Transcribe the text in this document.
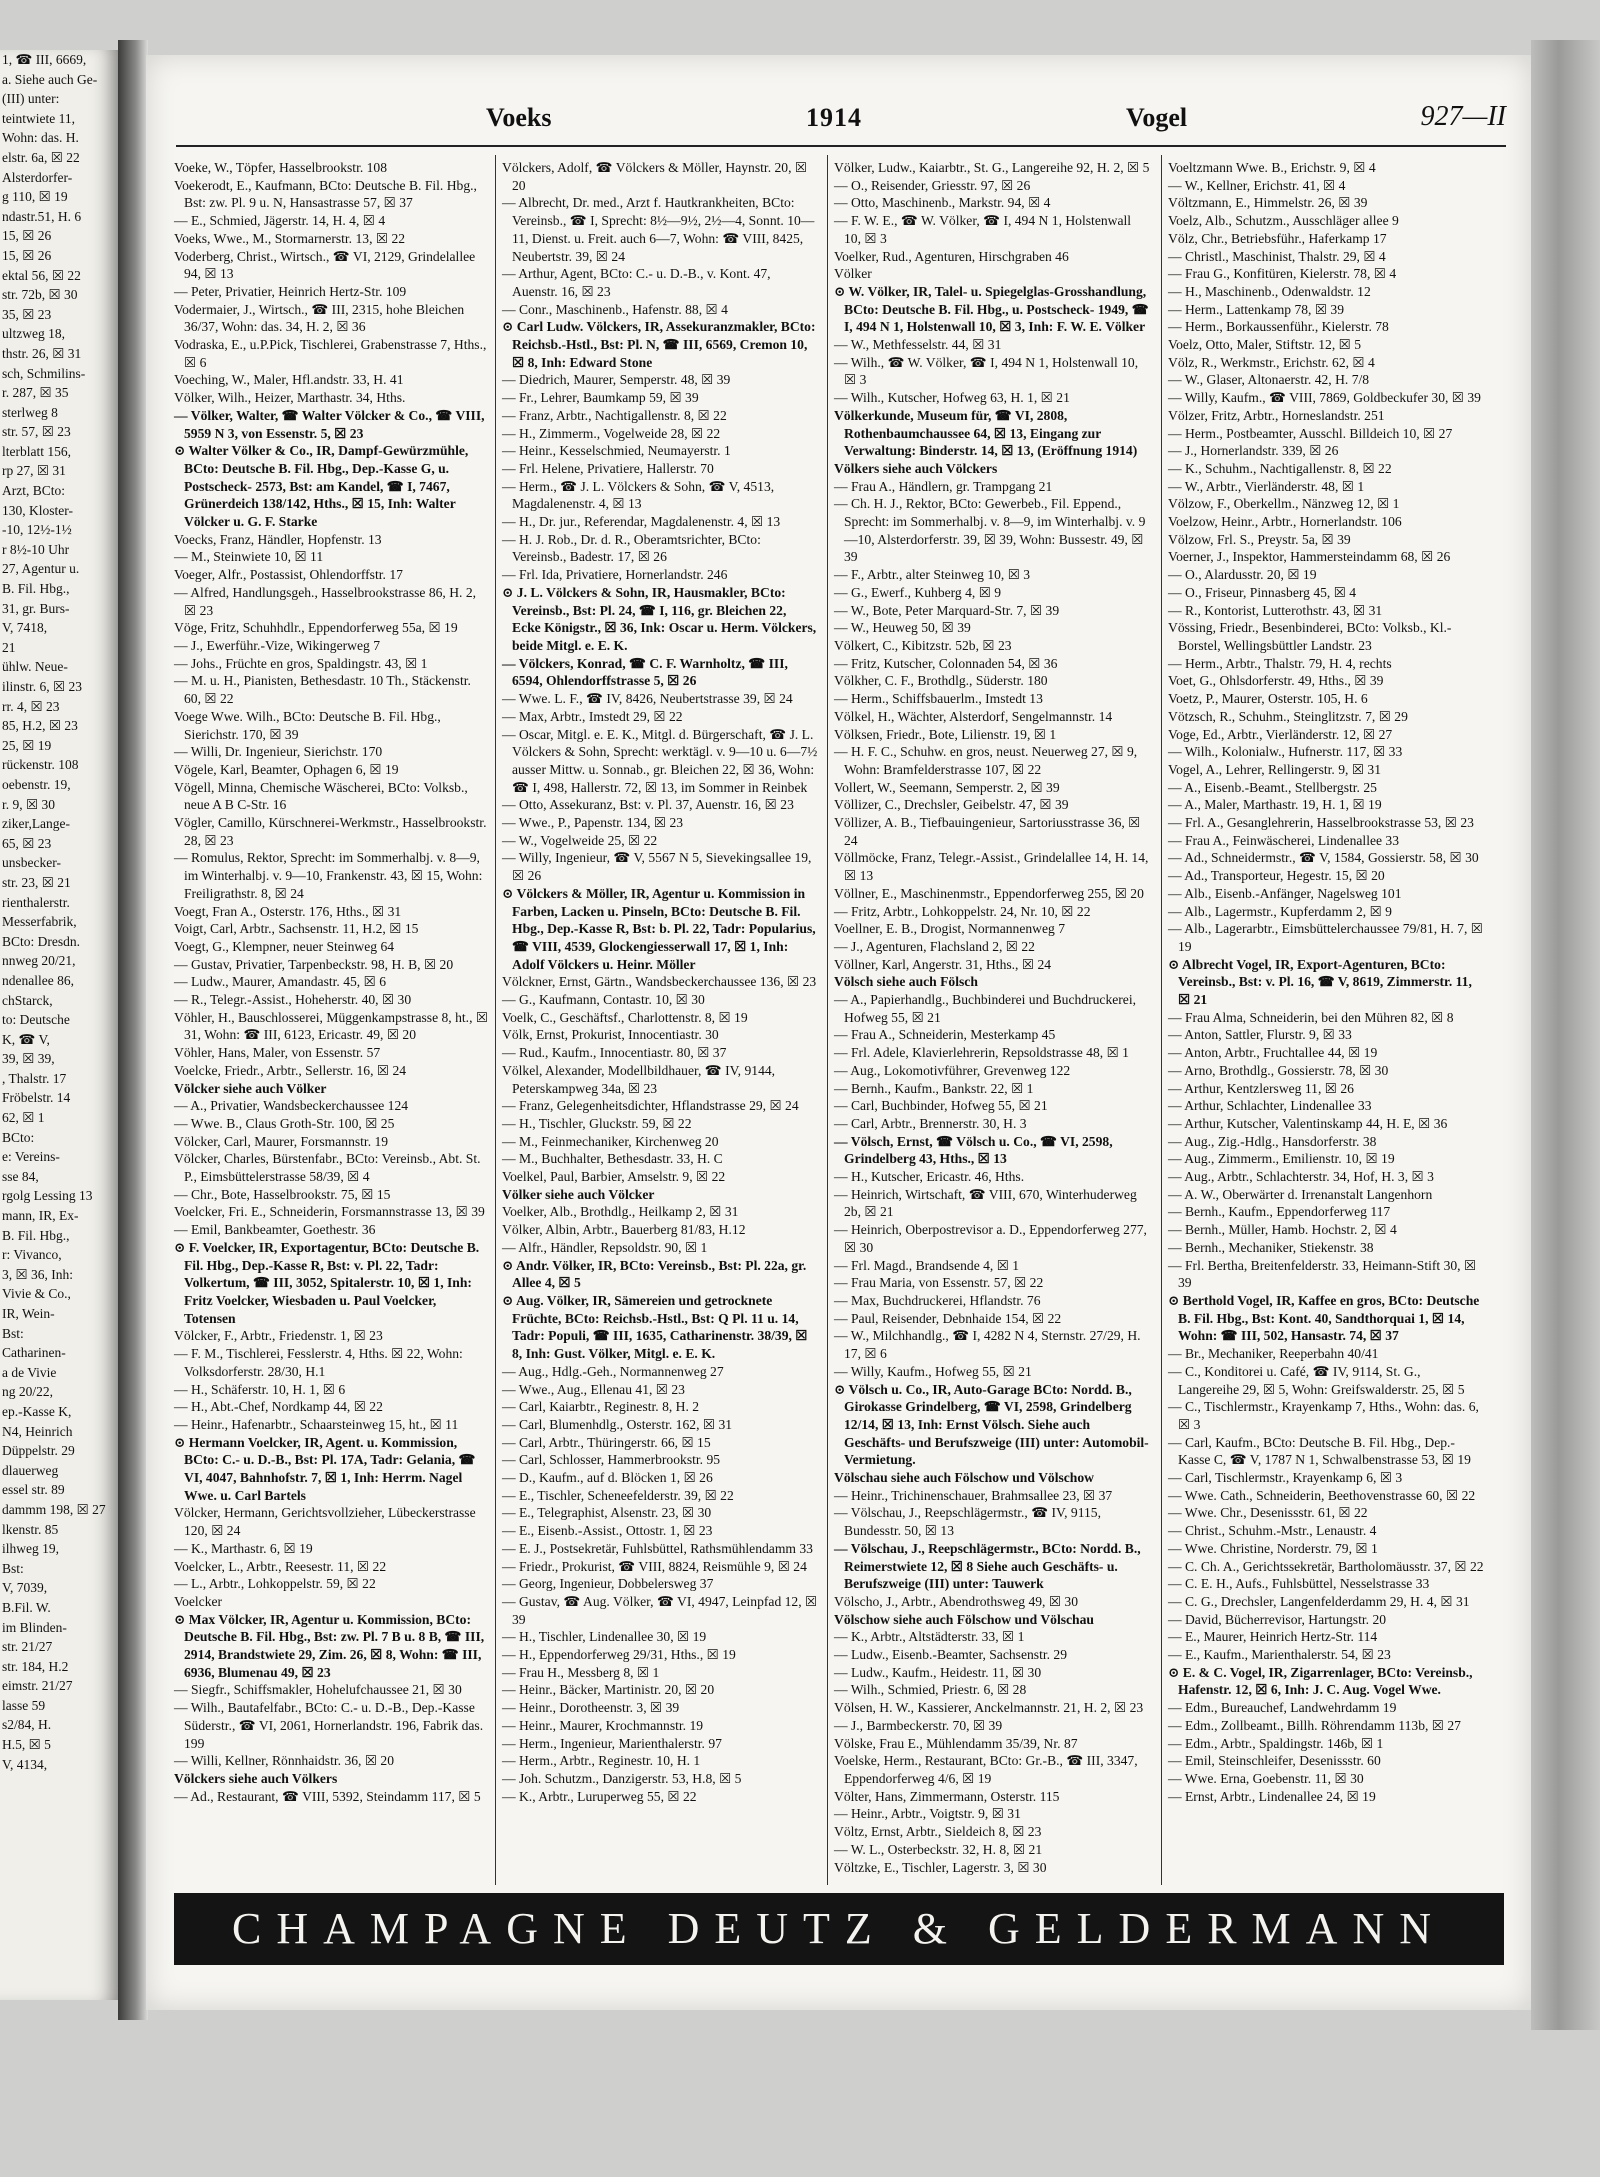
1, ☎ III, 6669,
a. Siehe auch Ge-
(III) unter:
teintwiete 11,
Wohn: das. H.
elstr. 6a, ☒ 22
Alsterdorfer-
g 110, ☒ 19
ndastr.51, H. 6
15, ☒ 26
15, ☒ 26
ektal 56, ☒ 22
str. 72b, ☒ 30
35, ☒ 23
ultzweg 18,
thstr. 26, ☒ 31
sch, Schmilins-
r. 287, ☒ 35
sterlweg 8
str. 57, ☒ 23
lterblatt 156,
rp 27, ☒ 31
Arzt, BCto:
130, Kloster-
-10, 12½-1½
r 8½-10 Uhr
27, Agentur u.
B. Fil. Hbg.,
31, gr. Burs-
V, 7418,
21
ühlw. Neue-
ilinstr. 6, ☒ 23
rr. 4, ☒ 23
85, H.2, ☒ 23
25, ☒ 19
rückenstr. 108
oebenstr. 19,
r. 9, ☒ 30
ziker,Lange-
65, ☒ 23
unsbecker-
str. 23, ☒ 21
rienthalerstr.
Messerfabrik,
BCto: Dresdn.
nnweg 20/21,
ndenallee 86,
chStarck,
to: Deutsche
K, ☎ V,
39, ☒ 39,
, Thalstr. 17
Fröbelstr. 14
62, ☒ 1
BCto:
e: Vereins-
sse 84,
rgolg Lessing 13
mann, IR, Ex-
B. Fil. Hbg.,
r: Vivanco,
3, ☒ 36, Inh:
Vivie & Co.,
IR, Wein-
Bst:
Catharinen-
a de Vivie
ng 20/22,
ep.-Kasse K,
N4, Heinrich
Düppelstr. 29
dlauerweg
essel str. 89
dammm 198, ☒ 27
lkenstr. 85
ilhweg 19,
Bst:
V, 7039,
B.Fil. W.
im Blinden-
str. 21/27
str. 184, H.2
eimstr. 21/27
lasse 59
s2/84, H.
H.5, ☒ 5
V, 4134,
Voeks	1914	Vogel	927—II

Voeke, W., Töpfer, Hasselbrookstr. 108

Voekerodt, E., Kaufmann, BCto: Deutsche B. Fil. Hbg., Bst: zw. Pl. 9 u. N, Hansastrasse 57, ☒ 37

— E., Schmied, Jägerstr. 14, H. 4, ☒ 4

Voeks, Wwe., M., Stormarnerstr. 13, ☒ 22

Voderberg, Christ., Wirtsch., ☎ VI, 2129, Grindelallee 94, ☒ 13

— Peter, Privatier, Heinrich Hertz-Str. 109

Vodermaier, J., Wirtsch., ☎ III, 2315, hohe Bleichen 36/37, Wohn: das. 34, H. 2, ☒ 36

Vodraska, E., u.P.Pick, Tischlerei, Grabenstrasse 7, Hths., ☒ 6

Voeching, W., Maler, Hfl.andstr. 33, H. 41

Völker, Wilh., Heizer, Marthastr. 34, Hths.

— Völker, Walter, ☎ Walter Völcker & Co., ☎ VIII, 5959 N 3, von Essenstr. 5, ☒ 23

⊙ Walter Völker & Co., IR, Dampf-Gewürzmühle, BCto: Deutsche B. Fil. Hbg., Dep.-Kasse G, u. Postscheck- 2573, Bst: am Kandel, ☎ I, 7467, Grünerdeich 138/142, Hths., ☒ 15, Inh: Walter Völcker u. G. F. Starke

Voecks, Franz, Händler, Hopfenstr. 13

— M., Steinwiete 10, ☒ 11

Voeger, Alfr., Postassist, Ohlendorffstr. 17

— Alfred, Handlungsgeh., Hasselbrookstrasse 86, H. 2, ☒ 23

Vöge, Fritz, Schuhhdlr., Eppendorferweg 55a, ☒ 19

— J., Ewerführ.-Vize, Wikingerweg 7

— Johs., Früchte en gros, Spaldingstr. 43, ☒ 1

— M. u. H., Pianisten, Bethesdastr. 10 Th., Stäckenstr. 60, ☒ 22

Voege Wwe. Wilh., BCto: Deutsche B. Fil. Hbg., Sierichstr. 170, ☒ 39

— Willi, Dr. Ingenieur, Sierichstr. 170

Vögele, Karl, Beamter, Ophagen 6, ☒ 19

Vögell, Minna, Chemische Wäscherei, BCto: Volksb., neue A B C-Str. 16

Vögler, Camillo, Kürschnerei-Werkmstr., Hasselbrookstr. 28, ☒ 23

— Romulus, Rektor, Sprecht: im Sommerhalbj. v. 8—9, im Winterhalbj. v. 9—10, Frankenstr. 43, ☒ 15, Wohn: Freiligrathstr. 8, ☒ 24

Voegt, Fran A., Osterstr. 176, Hths., ☒ 31

Voigt, Carl, Arbtr., Sachsenstr. 11, H.2, ☒ 15

Voegt, G., Klempner, neuer Steinweg 64

— Gustav, Privatier, Tarpenbeckstr. 98, H. B, ☒ 20

— Ludw., Maurer, Amandastr. 45, ☒ 6

— R., Telegr.-Assist., Hoheherstr. 40, ☒ 30

Vöhler, H., Bauschlosserei, Müggenkampstrasse 8, ht., ☒ 31, Wohn: ☎ III, 6123, Ericastr. 49, ☒ 20

Vöhler, Hans, Maler, von Essenstr. 57

Voelcke, Friedr., Arbtr., Sellerstr. 16, ☒ 24

Völcker siehe auch Völker

— A., Privatier, Wandsbeckerchaussee 124

— Wwe. B., Claus Groth-Str. 100, ☒ 25

Völcker, Carl, Maurer, Forsmannstr. 19

Völcker, Charles, Bürstenfabr., BCto: Vereinsb., Abt. St. P., Eimsbüttelerstrasse 58/39, ☒ 4

— Chr., Bote, Hasselbrookstr. 75, ☒ 15

Voelcker, Fri. E., Schneiderin, Forsmannstrasse 13, ☒ 39

— Emil, Bankbeamter, Goethestr. 36

⊙ F. Voelcker, IR, Exportagentur, BCto: Deutsche B. Fil. Hbg., Dep.-Kasse R, Bst: v. Pl. 22, Tadr: Volkertum, ☎ III, 3052, Spitalerstr. 10, ☒ 1, Inh: Fritz Voelcker, Wiesbaden u. Paul Voelcker, Totensen

Völcker, F., Arbtr., Friedenstr. 1, ☒ 23

— F. M., Tischlerei, Fesslerstr. 4, Hths. ☒ 22, Wohn: Volksdorferstr. 28/30, H.1

— H., Schäferstr. 10, H. 1, ☒ 6

— H., Abt.-Chef, Nordkamp 44, ☒ 22

— Heinr., Hafenarbtr., Schaarsteinweg 15, ht., ☒ 11

⊙ Hermann Voelcker, IR, Agent. u. Kommission, BCto: C.- u. D.-B., Bst: Pl. 17A, Tadr: Gelania, ☎ VI, 4047, Bahnhofstr. 7, ☒ 1, Inh: Herrm. Nagel Wwe. u. Carl Bartels

Völcker, Hermann, Gerichtsvollzieher, Lübeckerstrasse 120, ☒ 24

— K., Marthastr. 6, ☒ 19

Voelcker, L., Arbtr., Reesestr. 11, ☒ 22

— L., Arbtr., Lohkoppelstr. 59, ☒ 22

Voelcker

⊙ Max Völcker, IR, Agentur u. Kommission, BCto: Deutsche B. Fil. Hbg., Bst: zw. Pl. 7 B u. 8 B, ☎ III, 2914, Brandstwiete 29, Zim. 26, ☒ 8, Wohn: ☎ III, 6936, Blumenau 49, ☒ 23

— Siegfr., Schiffsmakler, Hohelufchaussee 21, ☒ 30

— Wilh., Bautafelfabr., BCto: C.- u. D.-B., Dep.-Kasse Süderstr., ☎ VI, 2061, Hornerlandstr. 196, Fabrik das. 199

— Willi, Kellner, Rönnhaidstr. 36, ☒ 20

Völckers siehe auch Völkers

— Ad., Restaurant, ☎ VIII, 5392, Steindamm 117, ☒ 5

Völckers, Adolf, ☎ Völckers & Möller, Haynstr. 20, ☒ 20

— Albrecht, Dr. med., Arzt f. Hautkrankheiten, BCto: Vereinsb., ☎ I, Sprecht: 8½—9½, 2½—4, Sonnt. 10—11, Dienst. u. Freit. auch 6—7, Wohn: ☎ VIII, 8425, Neubertstr. 39, ☒ 24

— Arthur, Agent, BCto: C.- u. D.-B., v. Kont. 47, Auenstr. 16, ☒ 23

— Conr., Maschinenb., Hafenstr. 88, ☒ 4

⊙ Carl Ludw. Völckers, IR, Assekuranzmakler, BCto: Reichsb.-Hstl., Bst: Pl. N, ☎ III, 6569, Cremon 10, ☒ 8, Inh: Edward Stone

— Diedrich, Maurer, Semperstr. 48, ☒ 39

— Fr., Lehrer, Baumkamp 59, ☒ 39

— Franz, Arbtr., Nachtigallenstr. 8, ☒ 22

— H., Zimmerm., Vogelweide 28, ☒ 22

— Heinr., Kesselschmied, Neumayerstr. 1

— Frl. Helene, Privatiere, Hallerstr. 70

— Herm., ☎ J. L. Völckers & Sohn, ☎ V, 4513, Magdalenenstr. 4, ☒ 13

— H., Dr. jur., Referendar, Magdalenenstr. 4, ☒ 13

— H. J. Rob., Dr. d. R., Oberamtsrichter, BCto: Vereinsb., Badestr. 17, ☒ 26

— Frl. Ida, Privatiere, Hornerlandstr. 246

⊙ J. L. Völckers & Sohn, IR, Hausmakler, BCto: Vereinsb., Bst: Pl. 24, ☎ I, 116, gr. Bleichen 22, Ecke Königstr., ☒ 36, Ink: Oscar u. Herm. Völckers, beide Mitgl. e. E. K.

— Völckers, Konrad, ☎ C. F. Warnholtz, ☎ III, 6594, Ohlendorffstrasse 5, ☒ 26

— Wwe. L. F., ☎ IV, 8426, Neubertstrasse 39, ☒ 24

— Max, Arbtr., Imstedt 29, ☒ 22

— Oscar, Mitgl. e. E. K., Mitgl. d. Bürgerschaft, ☎ J. L. Völckers & Sohn, Sprecht: werktägl. v. 9—10 u. 6—7½ ausser Mittw. u. Sonnab., gr. Bleichen 22, ☒ 36, Wohn: ☎ I, 498, Hallerstr. 72, ☒ 13, im Sommer in Reinbek

— Otto, Assekuranz, Bst: v. Pl. 37, Auenstr. 16, ☒ 23

— Wwe., P., Papenstr. 134, ☒ 23

— W., Vogelweide 25, ☒ 22

— Willy, Ingenieur, ☎ V, 5567 N 5, Sievekingsallee 19, ☒ 26

⊙ Völckers & Möller, IR, Agentur u. Kommission in Farben, Lacken u. Pinseln, BCto: Deutsche B. Fil. Hbg., Dep.-Kasse R, Bst: b. Pl. 22, Tadr: Popularius, ☎ VIII, 4539, Glockengiesserwall 17, ☒ 1, Inh: Adolf Völckers u. Heinr. Möller

Völckner, Ernst, Gärtn., Wandsbeckerchaussee 136, ☒ 23

— G., Kaufmann, Contastr. 10, ☒ 30

Voelk, C., Geschäftsf., Charlottenstr. 8, ☒ 19

Völk, Ernst, Prokurist, Innocentiastr. 30

— Rud., Kaufm., Innocentiastr. 80, ☒ 37

Völkel, Alexander, Modellbildhauer, ☎ IV, 9144, Peterskampweg 34a, ☒ 23

— Franz, Gelegenheitsdichter, Hflandstrasse 29, ☒ 24

— H., Tischler, Gluckstr. 59, ☒ 22

— M., Feinmechaniker, Kirchenweg 20

— M., Buchhalter, Bethesdastr. 33, H. C

Voelkel, Paul, Barbier, Amselstr. 9, ☒ 22

Völker siehe auch Völcker

Voelker, Alb., Brothdlg., Heilkamp 2, ☒ 31

Völker, Albin, Arbtr., Bauerberg 81/83, H.12

— Alfr., Händler, Repsoldstr. 90, ☒ 1

⊙ Andr. Völker, IR, BCto: Vereinsb., Bst: Pl. 22a, gr. Allee 4, ☒ 5

⊙ Aug. Völker, IR, Sämereien und getrocknete Früchte, BCto: Reichsb.-Hstl., Bst: Q Pl. 11 u. 14, Tadr: Populi, ☎ III, 1635, Catharinenstr. 38/39, ☒ 8, Inh: Gust. Völker, Mitgl. e. E. K.

— Aug., Hdlg.-Geh., Normannenweg 27

— Wwe., Aug., Ellenau 41, ☒ 23

— Carl, Kaiarbtr., Reginestr. 8, H. 2

— Carl, Blumenhdlg., Osterstr. 162, ☒ 31

— Carl, Arbtr., Thüringerstr. 66, ☒ 15

— Carl, Schlosser, Hammerbrookstr. 95

— D., Kaufm., auf d. Blöcken 1, ☒ 26

— E., Tischler, Scheneefelderstr. 39, ☒ 22

— E., Telegraphist, Alsenstr. 23, ☒ 30

— E., Eisenb.-Assist., Ottostr. 1, ☒ 23

— E. J., Postsekretär, Fuhlsbüttel, Rathsmühlendamm 33

— Friedr., Prokurist, ☎ VIII, 8824, Reismühle 9, ☒ 24

— Georg, Ingenieur, Dobbelersweg 37

— Gustav, ☎ Aug. Völker, ☎ VI, 4947, Leinpfad 12, ☒ 39

— H., Tischler, Lindenallee 30, ☒ 19

— H., Eppendorferweg 29/31, Hths., ☒ 19

— Frau H., Messberg 8, ☒ 1

— Heinr., Bäcker, Martinistr. 20, ☒ 20

— Heinr., Dorotheenstr. 3, ☒ 39

— Heinr., Maurer, Krochmannstr. 19

— Herm., Ingenieur, Marienthalerstr. 97

— Herm., Arbtr., Reginestr. 10, H. 1

— Joh. Schutzm., Danzigerstr. 53, H.8, ☒ 5

— K., Arbtr., Luruperweg 55, ☒ 22

Völker, Ludw., Kaiarbtr., St. G., Langereihe 92, H. 2, ☒ 5

— O., Reisender, Griesstr. 97, ☒ 26

— Otto, Maschinenb., Markstr. 94, ☒ 4

— F. W. E., ☎ W. Völker, ☎ I, 494 N 1, Holstenwall 10, ☒ 3

Voelker, Rud., Agenturen, Hirschgraben 46

Völker

⊙ W. Völker, IR, Talel- u. Spiegelglas-Grosshandlung, BCto: Deutsche B. Fil. Hbg., u. Postscheck- 1949, ☎ I, 494 N 1, Holstenwall 10, ☒ 3, Inh: F. W. E. Völker

— W., Methfesselstr. 44, ☒ 31

— Wilh., ☎ W. Völker, ☎ I, 494 N 1, Holstenwall 10, ☒ 3

— Wilh., Kutscher, Hofweg 63, H. 1, ☒ 21

Völkerkunde, Museum für, ☎ VI, 2808, Rothenbaumchaussee 64, ☒ 13, Eingang zur Verwaltung: Binderstr. 14, ☒ 13, (Eröffnung 1914)

Völkers siehe auch Völckers

— Frau A., Händlern, gr. Trampgang 21

— Ch. H. J., Rektor, BCto: Gewerbeb., Fil. Eppend., Sprecht: im Sommerhalbj. v. 8—9, im Winterhalbj. v. 9—10, Alsterdorferstr. 39, ☒ 39, Wohn: Bussestr. 49, ☒ 39

— F., Arbtr., alter Steinweg 10, ☒ 3

— G., Ewerf., Kuhberg 4, ☒ 9

— W., Bote, Peter Marquard-Str. 7, ☒ 39

— W., Heuweg 50, ☒ 39

Völkert, C., Kibitzstr. 52b, ☒ 23

— Fritz, Kutscher, Colonnaden 54, ☒ 36

Völkher, C. F., Brothdlg., Süderstr. 180

— Herm., Schiffsbauerlm., Imstedt 13

Völkel, H., Wächter, Alsterdorf, Sengelmannstr. 14

Völksen, Friedr., Bote, Lilienstr. 19, ☒ 1

— H. F. C., Schuhw. en gros, neust. Neuerweg 27, ☒ 9, Wohn: Bramfelderstrasse 107, ☒ 22

Vollert, W., Seemann, Semperstr. 2, ☒ 39

Völlizer, C., Drechsler, Geibelstr. 47, ☒ 39

Völlizer, A. B., Tiefbauingenieur, Sartoriusstrasse 36, ☒ 24

Völlmöcke, Franz, Telegr.-Assist., Grindelallee 14, H. 14, ☒ 13

Völlner, E., Maschinenmstr., Eppendorferweg 255, ☒ 20

— Fritz, Arbtr., Lohkoppelstr. 24, Nr. 10, ☒ 22

Voellner, E. B., Drogist, Normannenweg 7

— J., Agenturen, Flachsland 2, ☒ 22

Völlner, Karl, Angerstr. 31, Hths., ☒ 24

Völsch siehe auch Fölsch

— A., Papierhandlg., Buchbinderei und Buchdruckerei, Hofweg 55, ☒ 21

— Frau A., Schneiderin, Mesterkamp 45

— Frl. Adele, Klavierlehrerin, Repsoldstrasse 48, ☒ 1

— Aug., Lokomotivführer, Grevenweg 122

— Bernh., Kaufm., Bankstr. 22, ☒ 1

— Carl, Buchbinder, Hofweg 55, ☒ 21

— Carl, Arbtr., Brennerstr. 30, H. 3

— Völsch, Ernst, ☎ Völsch u. Co., ☎ VI, 2598, Grindelberg 43, Hths., ☒ 13

— H., Kutscher, Ericastr. 46, Hths.

— Heinrich, Wirtschaft, ☎ VIII, 670, Winterhuderweg 2b, ☒ 21

— Heinrich, Oberpostrevisor a. D., Eppendorferweg 277, ☒ 30

— Frl. Magd., Brandsende 4, ☒ 1

— Frau Maria, von Essenstr. 57, ☒ 22

— Max, Buchdruckerei, Hflandstr. 76

— Paul, Reisender, Debnhaide 154, ☒ 22

— W., Milchhandlg., ☎ I, 4282 N 4, Sternstr. 27/29, H. 17, ☒ 6

— Willy, Kaufm., Hofweg 55, ☒ 21

⊙ Völsch u. Co., IR, Auto-Garage BCto: Nordd. B., Girokasse Grindelberg, ☎ VI, 2598, Grindelberg 12/14, ☒ 13, Inh: Ernst Völsch. Siehe auch Geschäfts- und Berufszweige (III) unter: Automobil-Vermietung.

Völschau siehe auch Fölschow und Völschow

— Heinr., Trichinenschauer, Brahmsallee 23, ☒ 37

— Völschau, J., Reepschlägermstr., ☎ IV, 9115, Bundesstr. 50, ☒ 13

— Völschau, J., Reepschlägermstr., BCto: Nordd. B., Reimerstwiete 12, ☒ 8 Siehe auch Geschäfts- u. Berufszweige (III) unter: Tauwerk

Völscho, J., Arbtr., Abendrothsweg 49, ☒ 30

Völschow siehe auch Fölschow und Völschau

— K., Arbtr., Altstädterstr. 33, ☒ 1

— Ludw., Eisenb.-Beamter, Sachsenstr. 29

— Ludw., Kaufm., Heidestr. 11, ☒ 30

— Wilh., Schmied, Priestr. 6, ☒ 28

Völsen, H. W., Kassierer, Anckelmannstr. 21, H. 2, ☒ 23

— J., Barmbeckerstr. 70, ☒ 39

Völske, Frau E., Mühlendamm 35/39, Nr. 87

Voelske, Herm., Restaurant, BCto: Gr.-B., ☎ III, 3347, Eppendorferweg 4/6, ☒ 19

Völter, Hans, Zimmermann, Osterstr. 115

— Heinr., Arbtr., Voigtstr. 9, ☒ 31

Völtz, Ernst, Arbtr., Sieldeich 8, ☒ 23

— W. L., Osterbeckstr. 32, H. 8, ☒ 21

Völtzke, E., Tischler, Lagerstr. 3, ☒ 30

Voeltzmann Wwe. B., Erichstr. 9, ☒ 4

— W., Kellner, Erichstr. 41, ☒ 4

Völtzmann, E., Himmelstr. 26, ☒ 39

Voelz, Alb., Schutzm., Ausschläger allee 9

Völz, Chr., Betriebsführ., Haferkamp 17

— Christl., Maschinist, Thalstr. 29, ☒ 4

— Frau G., Konfitüren, Kielerstr. 78, ☒ 4

— H., Maschinenb., Odenwaldstr. 12

— Herm., Lattenkamp 78, ☒ 39

— Herm., Borkaussenführ., Kielerstr. 78

Voelz, Otto, Maler, Stiftstr. 12, ☒ 5

Völz, R., Werkmstr., Erichstr. 62, ☒ 4

— W., Glaser, Altonaerstr. 42, H. 7/8

— Willy, Kaufm., ☎ VIII, 7869, Goldbeckufer 30, ☒ 39

Völzer, Fritz, Arbtr., Horneslandstr. 251

— Herm., Postbeamter, Ausschl. Billdeich 10, ☒ 27

— J., Hornerlandstr. 339, ☒ 26

— K., Schuhm., Nachtigallenstr. 8, ☒ 22

— W., Arbtr., Vierländerstr. 48, ☒ 1

Völzow, F., Oberkellm., Nänzweg 12, ☒ 1

Voelzow, Heinr., Arbtr., Hornerlandstr. 106

Völzow, Frl. S., Preystr. 5a, ☒ 39

Voerner, J., Inspektor, Hammersteindamm 68, ☒ 26

— O., Alardusstr. 20, ☒ 19

— O., Friseur, Pinnasberg 45, ☒ 4

— R., Kontorist, Lutterothstr. 43, ☒ 31

Vössing, Friedr., Besenbinderei, BCto: Volksb., Kl.-Borstel, Wellingsbüttler Landstr. 23

— Herm., Arbtr., Thalstr. 79, H. 4, rechts

Voet, G., Ohlsdorferstr. 49, Hths., ☒ 39

Voetz, P., Maurer, Osterstr. 105, H. 6

Vötzsch, R., Schuhm., Steinglitzstr. 7, ☒ 29

Voge, Ed., Arbtr., Vierländerstr. 12, ☒ 27

— Wilh., Kolonialw., Hufnerstr. 117, ☒ 33

Vogel, A., Lehrer, Rellingerstr. 9, ☒ 31

— A., Eisenb.-Beamt., Stellbergstr. 25

— A., Maler, Marthastr. 19, H. 1, ☒ 19

— Frl. A., Gesanglehrerin, Hasselbrookstrasse 53, ☒ 23

— Frau A., Feinwäscherei, Lindenallee 33

— Ad., Schneidermstr., ☎ V, 1584, Gossierstr. 58, ☒ 30

— Ad., Transporteur, Hegestr. 15, ☒ 20

— Alb., Eisenb.-Anfänger, Nagelsweg 101

— Alb., Lagermstr., Kupferdamm 2, ☒ 9

— Alb., Lagerarbtr., Eimsbüttelerchaussee 79/81, H. 7, ☒ 19

⊙ Albrecht Vogel, IR, Export-Agenturen, BCto: Vereinsb., Bst: v. Pl. 16, ☎ V, 8619, Zimmerstr. 11, ☒ 21

— Frau Alma, Schneiderin, bei den Mühren 82, ☒ 8

— Anton, Sattler, Flurstr. 9, ☒ 33

— Anton, Arbtr., Fruchtallee 44, ☒ 19

— Arno, Brothdlg., Gossierstr. 78, ☒ 30

— Arthur, Kentzlersweg 11, ☒ 26

— Arthur, Schlachter, Lindenallee 33

— Arthur, Kutscher, Valentinskamp 44, H. E, ☒ 36

— Aug., Zig.-Hdlg., Hansdorferstr. 38

— Aug., Zimmerm., Emilienstr. 10, ☒ 19

— Aug., Arbtr., Schlachterstr. 34, Hof, H. 3, ☒ 3

— A. W., Oberwärter d. Irrenanstalt Langenhorn

— Bernh., Kaufm., Eppendorferweg 117

— Bernh., Müller, Hamb. Hochstr. 2, ☒ 4

— Bernh., Mechaniker, Stiekenstr. 38

— Frl. Bertha, Breitenfelderstr. 33, Heimann-Stift 30, ☒ 39

⊙ Berthold Vogel, IR, Kaffee en gros, BCto: Deutsche B. Fil. Hbg., Bst: Kont. 40, Sandthorquai 1, ☒ 14, Wohn: ☎ III, 502, Hansastr. 74, ☒ 37

— Br., Mechaniker, Reeperbahn 40/41

— C., Konditorei u. Café, ☎ IV, 9114, St. G., Langereihe 29, ☒ 5, Wohn: Greifswalderstr. 25, ☒ 5

— C., Tischlermstr., Krayenkamp 7, Hths., Wohn: das. 6, ☒ 3

— Carl, Kaufm., BCto: Deutsche B. Fil. Hbg., Dep.-Kasse C, ☎ V, 1787 N 1, Schwalbenstrasse 53, ☒ 19

— Carl, Tischlermstr., Krayenkamp 6, ☒ 3

— Wwe. Cath., Schneiderin, Beethovenstrasse 60, ☒ 22

— Wwe. Chr., Desenissstr. 61, ☒ 22

— Christ., Schuhm.-Mstr., Lenaustr. 4

— Wwe. Christine, Norderstr. 79, ☒ 1

— C. Ch. A., Gerichtssekretär, Bartholomäusstr. 37, ☒ 22

— C. E. H., Aufs., Fuhlsbüttel, Nesselstrasse 33

— C. G., Drechsler, Langenfelderdamm 29, H. 4, ☒ 31

— David, Bücherrevisor, Hartungstr. 20

— E., Maurer, Heinrich Hertz-Str. 114

— E., Kaufm., Marienthalerstr. 54, ☒ 23

⊙ E. & C. Vogel, IR, Zigarrenlager, BCto: Vereinsb., Hafenstr. 12, ☒ 6, Inh: J. C. Aug. Vogel Wwe.

— Edm., Bureauchef, Landwehrdamm 19

— Edm., Zollbeamt., Billh. Röhrendamm 113b, ☒ 27

— Edm., Arbtr., Spaldingstr. 146b, ☒ 1

— Emil, Steinschleifer, Desenissstr. 60

— Wwe. Erna, Goebenstr. 11, ☒ 30

— Ernst, Arbtr., Lindenallee 24, ☒ 19

CHAMPAGNE DEUTZ & GELDERMANN
